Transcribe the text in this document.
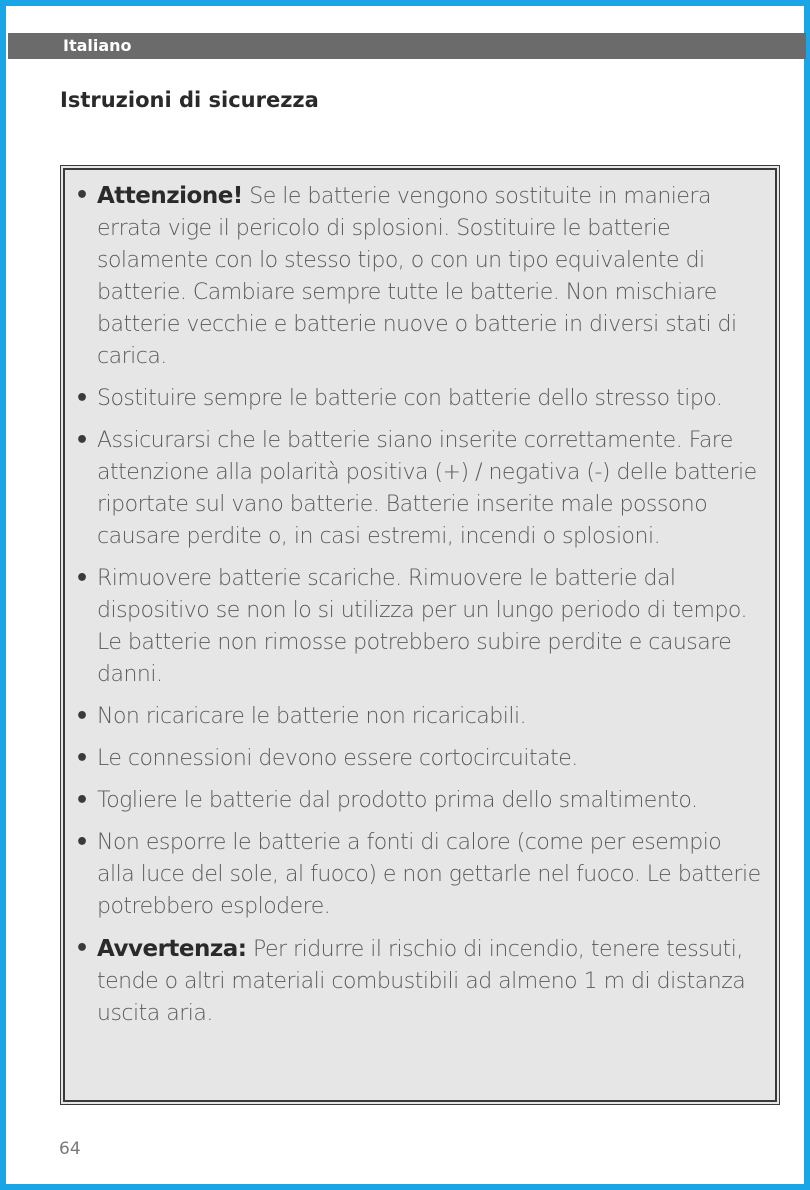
Italiano
Istruzioni di sicurezza
• Attenzione! Se le batterie vengono sostituite in maniera errata vige il pericolo di splosioni. Sostituire le batterie solamente con lo stesso tipo, o con un tipo equivalente di batterie. Cambiare sempre tutte le batterie. Non mischiare batterie vecchie e batterie nuove o batterie in diversi stati di carica.
• Sostituire sempre le batterie con batterie dello stresso tipo.
• Assicurarsi che le batterie siano inserite correttamente. Fare attenzione alla polarità positiva (+) / negativa (-) delle batterie riportate sul vano batterie. Batterie inserite male possono causare perdite o, in casi estremi, incendi o splosioni.
• Rimuovere batterie scariche. Rimuovere le batterie dal dispositivo se non lo si utilizza per un lungo periodo di tempo. Le batterie non rimosse potrebbero subire perdite e causare danni.
• Non ricaricare le batterie non ricaricabili.
• Le connessioni devono essere cortocircuitate.
• Togliere le batterie dal prodotto prima dello smaltimento.
• Non esporre le batterie a fonti di calore (come per esempio alla luce del sole, al fuoco) e non gettarle nel fuoco. Le batterie potrebbero esplodere.
• Avvertenza: Per ridurre il rischio di incendio, tenere tessuti, tende o altri materiali combustibili ad almeno 1 m di distanza uscita aria.
64
